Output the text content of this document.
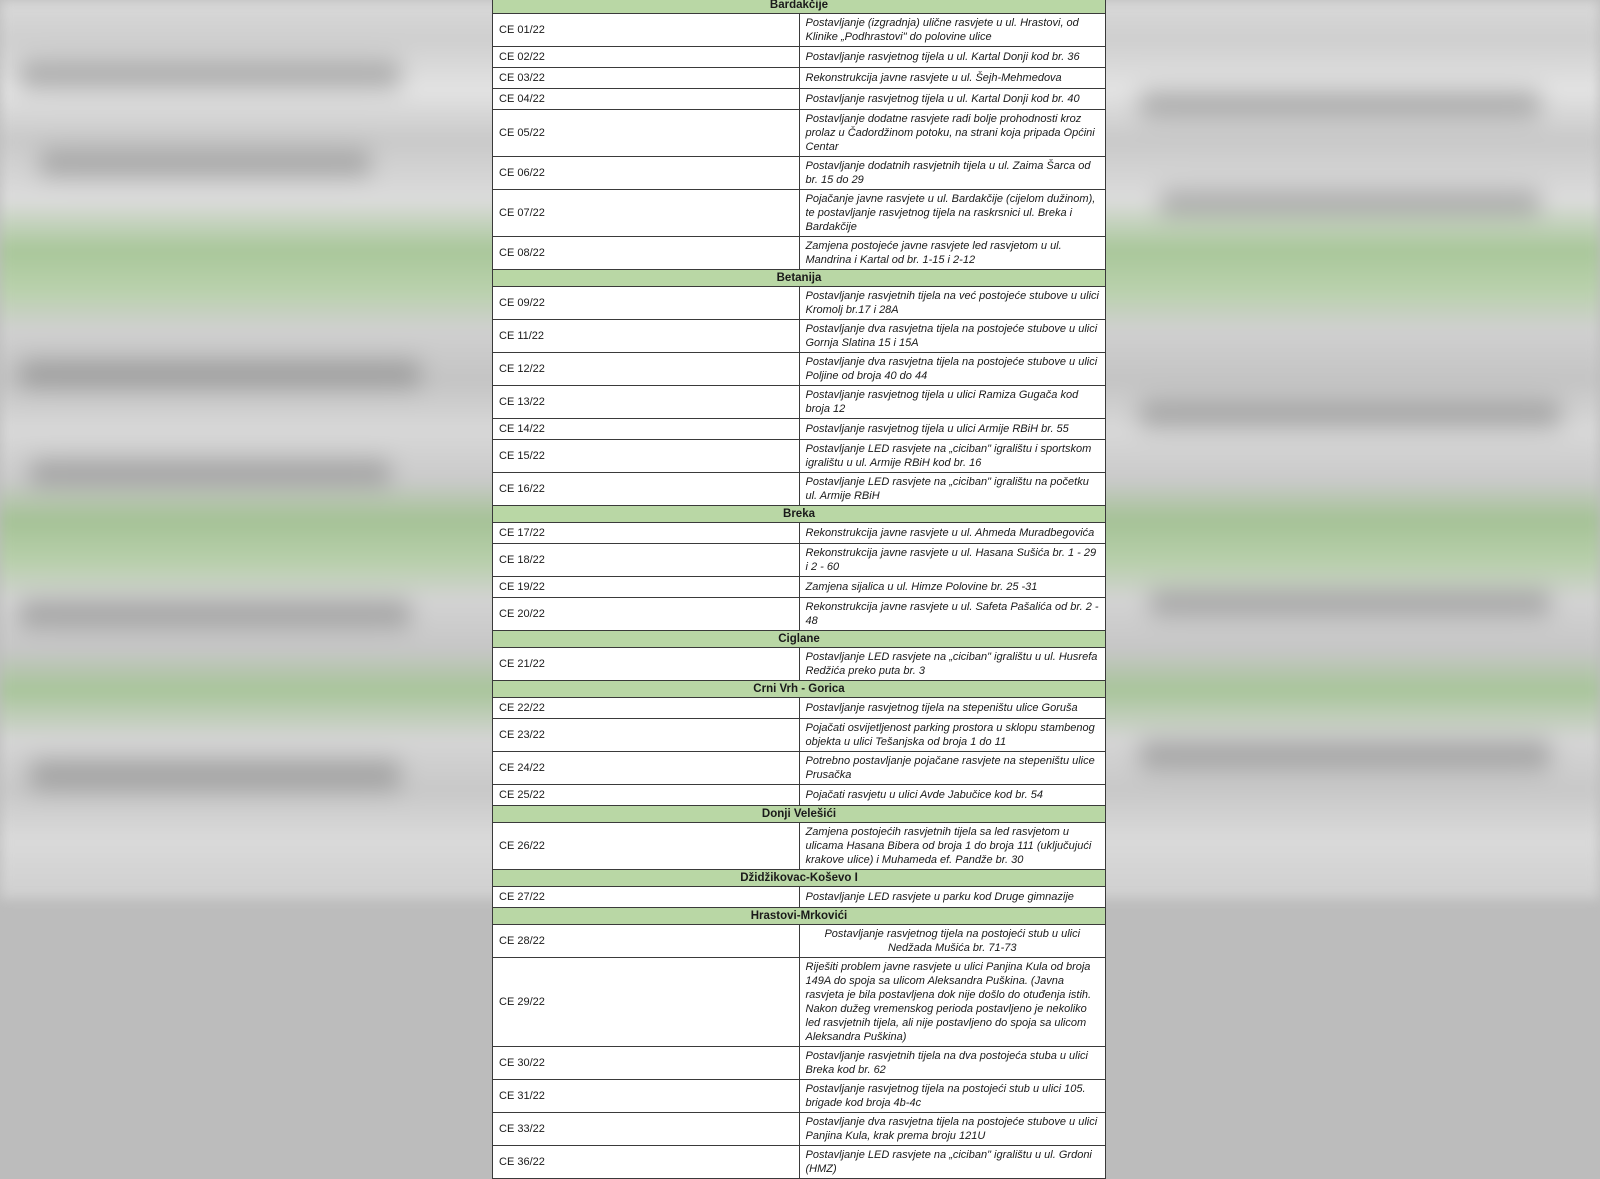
Bardakčije	
CE 01/22	Postavljanje (izgradnja) ulične rasvjete u ul. Hrastovi, od Klinike „Podhrastovi" do polovine ulice
CE 02/22	Postavljanje rasvjetnog tijela u ul. Kartal Donji kod br. 36
CE 03/22	Rekonstrukcija javne rasvjete u ul. Šejh-Mehmedova
CE 04/22	Postavljanje rasvjetnog tijela u ul. Kartal Donji kod br. 40
CE 05/22	Postavljanje dodatne rasvjete radi bolje prohodnosti kroz prolaz u Čadordžinom potoku, na strani koja pripada Općini Centar
CE 06/22	Postavljanje dodatnih rasvjetnih tijela u ul. Zaima Šarca od br. 15 do 29
CE 07/22	Pojačanje javne rasvjete u ul. Bardakčije (cijelom dužinom), te postavljanje rasvjetnog tijela na raskrsnici ul. Breka i Bardakčije
CE 08/22	Zamjena postojeće javne rasvjete led rasvjetom u ul. Mandrina i Kartal od br. 1-15 i 2-12
Betanija	
CE 09/22	Postavljanje rasvjetnih tijela na već postojeće stubove u ulici Kromolj br.17 i 28A
CE 11/22	Postavljanje dva rasvjetna tijela na postojeće stubove u ulici Gornja Slatina 15 i 15A
CE 12/22	Postavljanje dva rasvjetna tijela na postojeće stubove u ulici Poljine od broja 40 do 44
CE 13/22	Postavljanje rasvjetnog tijela u ulici Ramiza Gugača kod broja 12
CE 14/22	Postavljanje rasvjetnog tijela u ulici Armije RBiH br. 55
CE 15/22	Postavljanje LED rasvjete na „ciciban" igralištu i sportskom igralištu u ul. Armije RBiH kod br. 16
CE 16/22	Postavljanje LED rasvjete na „ciciban" igralištu na početku ul. Armije RBiH
Breka	
CE 17/22	Rekonstrukcija javne rasvjete u ul. Ahmeda Muradbegovića
CE 18/22	Rekonstrukcija javne rasvjete u ul. Hasana Sušića br. 1 - 29 i 2 - 60
CE 19/22	Zamjena sijalica u ul. Himze Polovine br. 25 -31
CE 20/22	Rekonstrukcija javne rasvjete u ul. Safeta Pašalića od br. 2 - 48
Ciglane	
CE 21/22	Postavljanje LED rasvjete na „ciciban" igralištu u ul. Husrefa Redžića preko puta br. 3
Crni Vrh - Gorica	
CE 22/22	Postavljanje rasvjetnog tijela na stepeništu ulice Goruša
CE 23/22	Pojačati osvijetljenost parking prostora u sklopu stambenog objekta u ulici Tešanjska od broja 1 do 11
CE 24/22	Potrebno postavljanje pojačane rasvjete na stepeništu ulice Prusačka
CE 25/22	Pojačati rasvjetu u ulici Avde Jabučice kod br. 54
Donji Velešići	
CE 26/22	Zamjena postojećih rasvjetnih tijela sa led rasvjetom u ulicama Hasana Bibera od broja 1 do broja 111 (uključujući krakove ulice) i Muhameda ef. Pandže br. 30
Džidžikovac-Koševo I	
CE 27/22	Postavljanje LED rasvjete u parku kod Druge gimnazije
Hrastovi-Mrkovići	
CE 28/22	Postavljanje rasvjetnog tijela na postojeći stub u ulici Nedžada Mušića br. 71-73
CE 29/22	Riješiti problem javne rasvjete u ulici Panjina Kula od broja 149A do spoja sa ulicom Aleksandra Puškina. (Javna rasvjeta je bila postavljena dok nije došlo do otuđenja istih. Nakon dužeg vremenskog perioda postavljeno je nekoliko led rasvjetnih tijela, ali nije postavljeno do spoja sa ulicom Aleksandra Puškina)
CE 30/22	Postavljanje rasvjetnih tijela na dva postojeća stuba u ulici Breka kod br. 62
CE 31/22	Postavljanje rasvjetnog tijela na postojeći stub u ulici 105. brigade kod broja 4b-4c
CE 33/22	Postavljanje dva rasvjetna tijela na postojeće stubove u ulici Panjina Kula, krak prema broju 121U
CE 36/22	Postavljanje LED rasvjete na „ciciban" igralištu u ul. Grdoni (HMZ)
